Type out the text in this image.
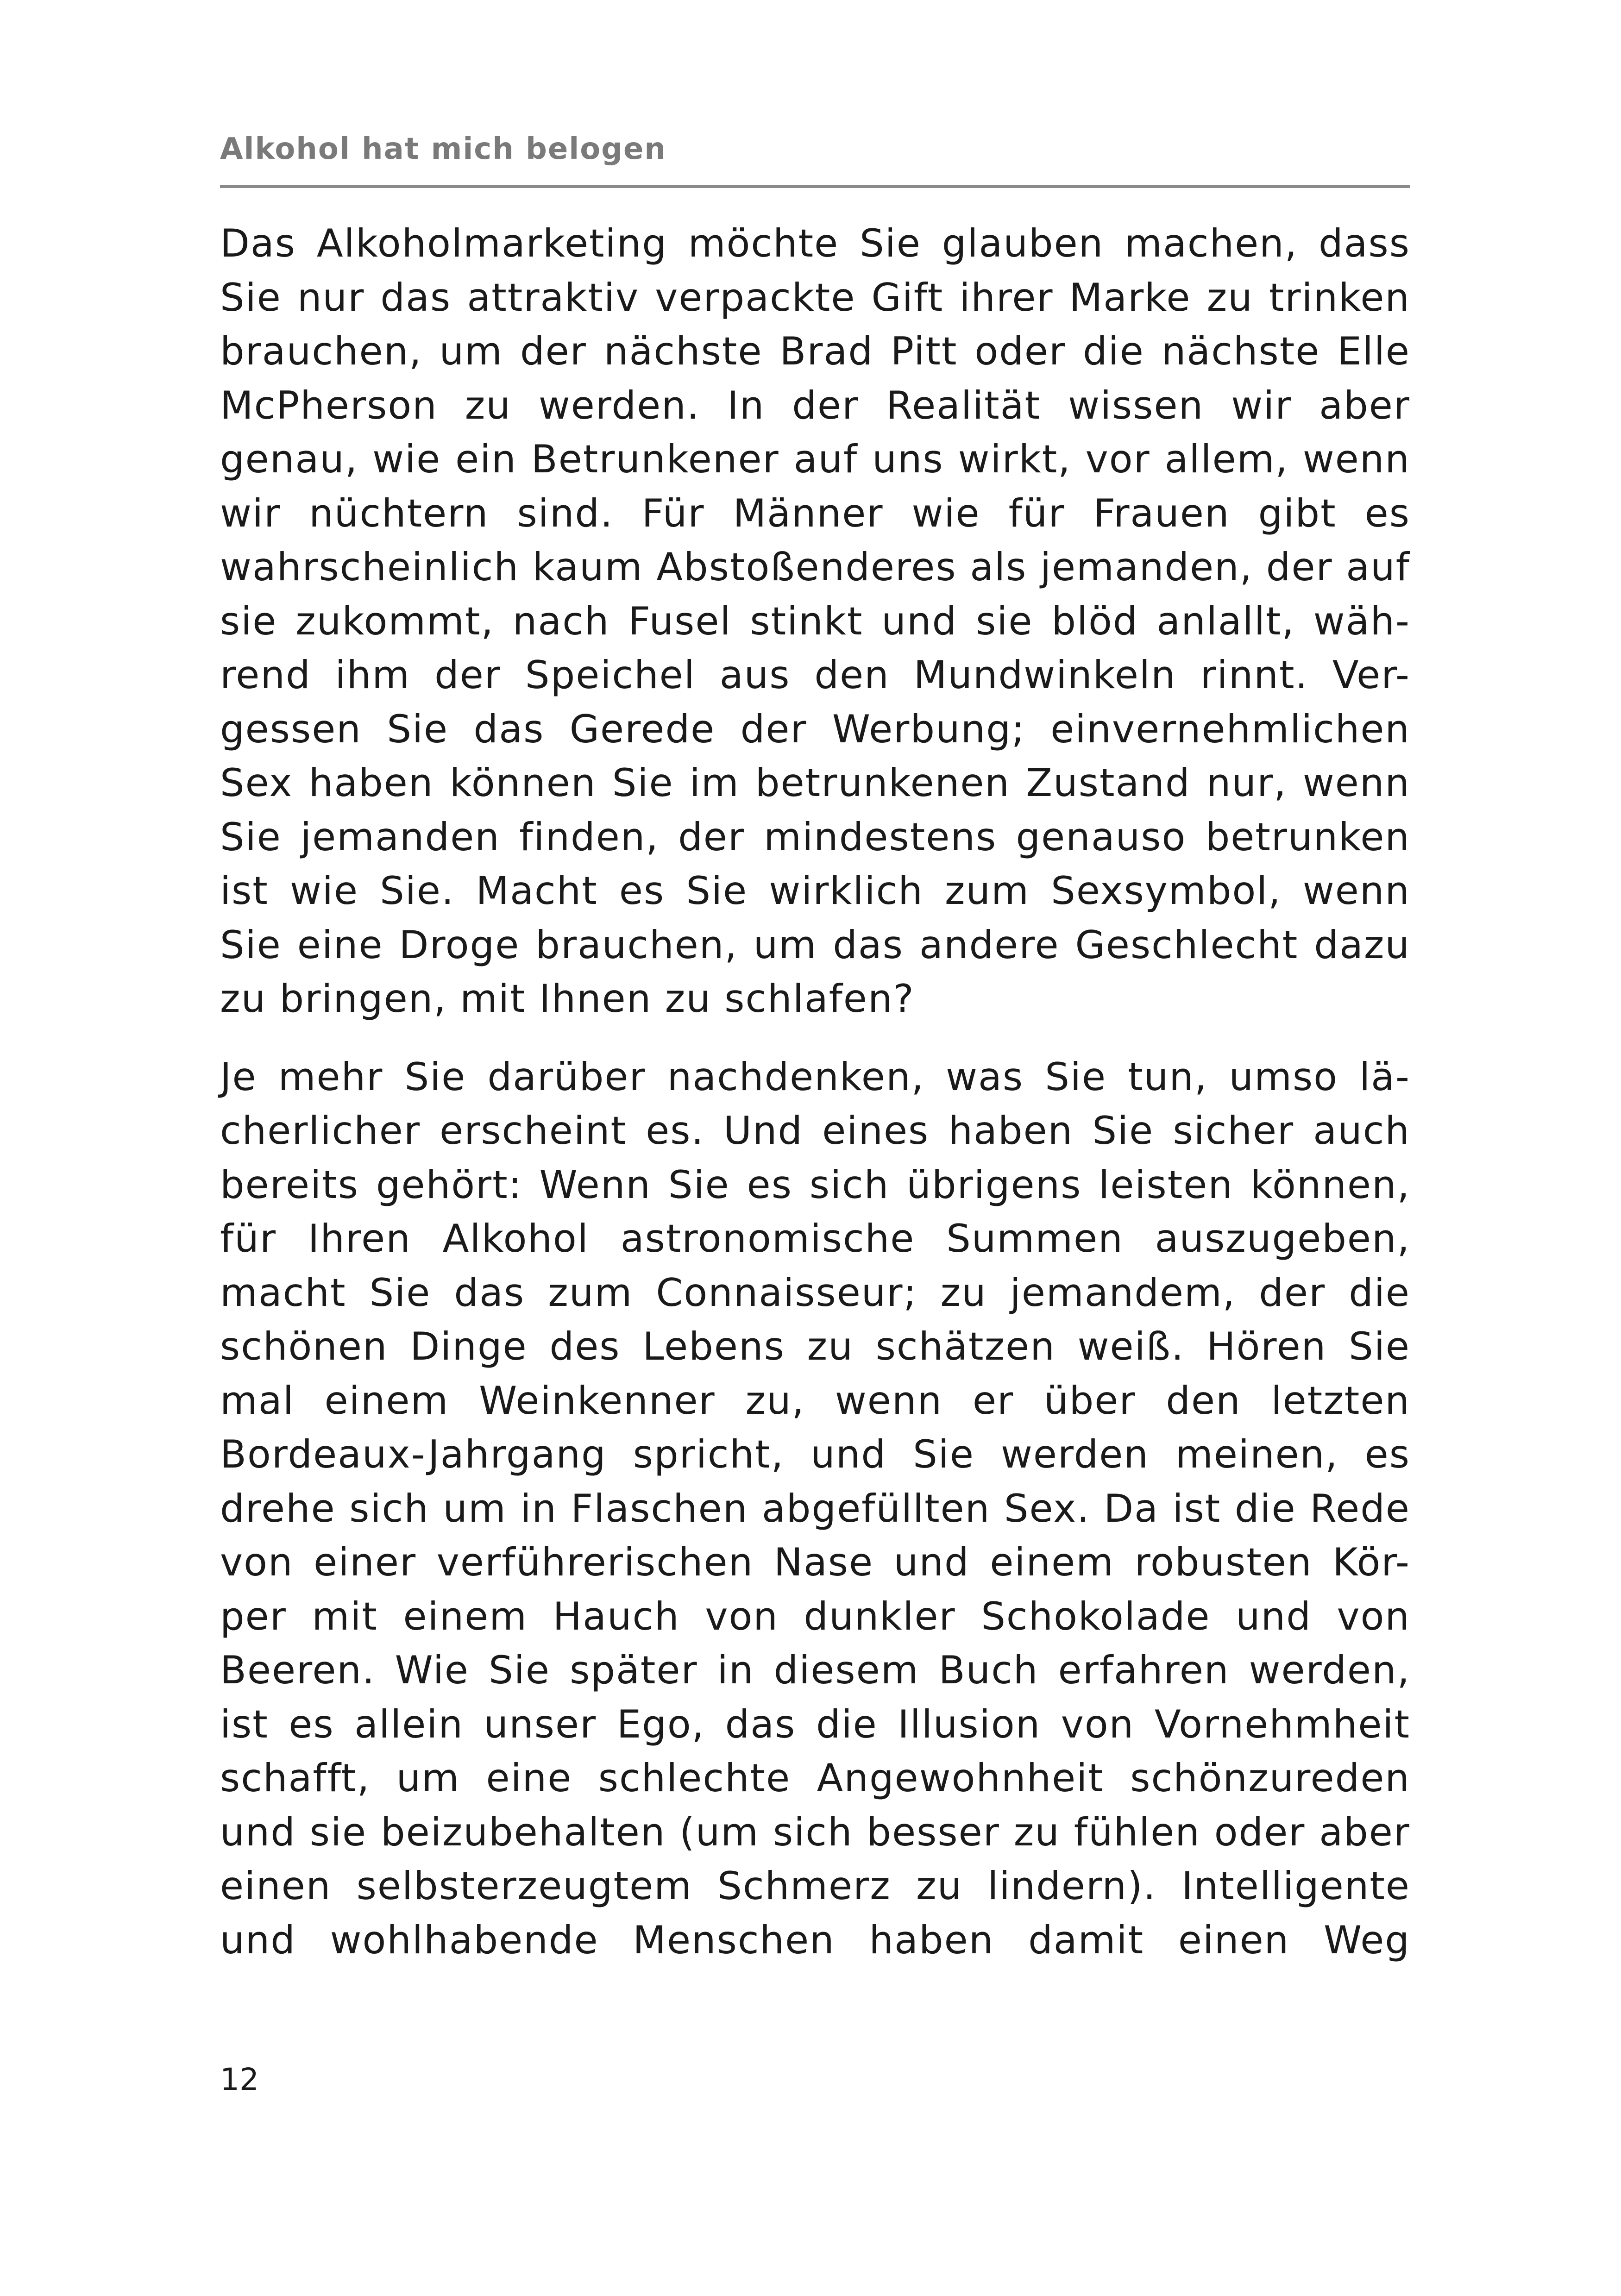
Alkohol hat mich belogen

Das Alkoholmarketing möchte Sie glauben machen, dass
Sie nur das attraktiv verpackte Gift ihrer Marke zu trinken
brauchen, um der nächste Brad Pitt oder die nächste Elle
McPherson zu werden. In der Realität wissen wir aber
genau, wie ein Betrunkener auf uns wirkt, vor allem, wenn
wir nüchtern sind. Für Männer wie für Frauen gibt es
wahrscheinlich kaum Abstoßenderes als jemanden, der auf
sie zukommt, nach Fusel stinkt und sie blöd anlallt, wäh-
rend ihm der Speichel aus den Mundwinkeln rinnt. Ver-
gessen Sie das Gerede der Werbung; einvernehmlichen
Sex haben können Sie im betrunkenen Zustand nur, wenn
Sie jemanden finden, der mindestens genauso betrunken
ist wie Sie. Macht es Sie wirklich zum Sexsymbol, wenn
Sie eine Droge brauchen, um das andere Geschlecht dazu
zu bringen, mit Ihnen zu schlafen?

Je mehr Sie darüber nachdenken, was Sie tun, umso lä-
cherlicher erscheint es. Und eines haben Sie sicher auch
bereits gehört: Wenn Sie es sich übrigens leisten können,
für Ihren Alkohol astronomische Summen auszugeben,
macht Sie das zum Connaisseur; zu jemandem, der die
schönen Dinge des Lebens zu schätzen weiß. Hören Sie
mal einem Weinkenner zu, wenn er über den letzten
Bordeaux-Jahrgang spricht, und Sie werden meinen, es
drehe sich um in Flaschen abgefüllten Sex. Da ist die Rede
von einer verführerischen Nase und einem robusten Kör-
per mit einem Hauch von dunkler Schokolade und von
Beeren. Wie Sie später in diesem Buch erfahren werden,
ist es allein unser Ego, das die Illusion von Vornehmheit
schafft, um eine schlechte Angewohnheit schönzureden
und sie beizubehalten (um sich besser zu fühlen oder aber
einen selbsterzeugtem Schmerz zu lindern). Intelligente
und wohlhabende Menschen haben damit einen Weg

12
